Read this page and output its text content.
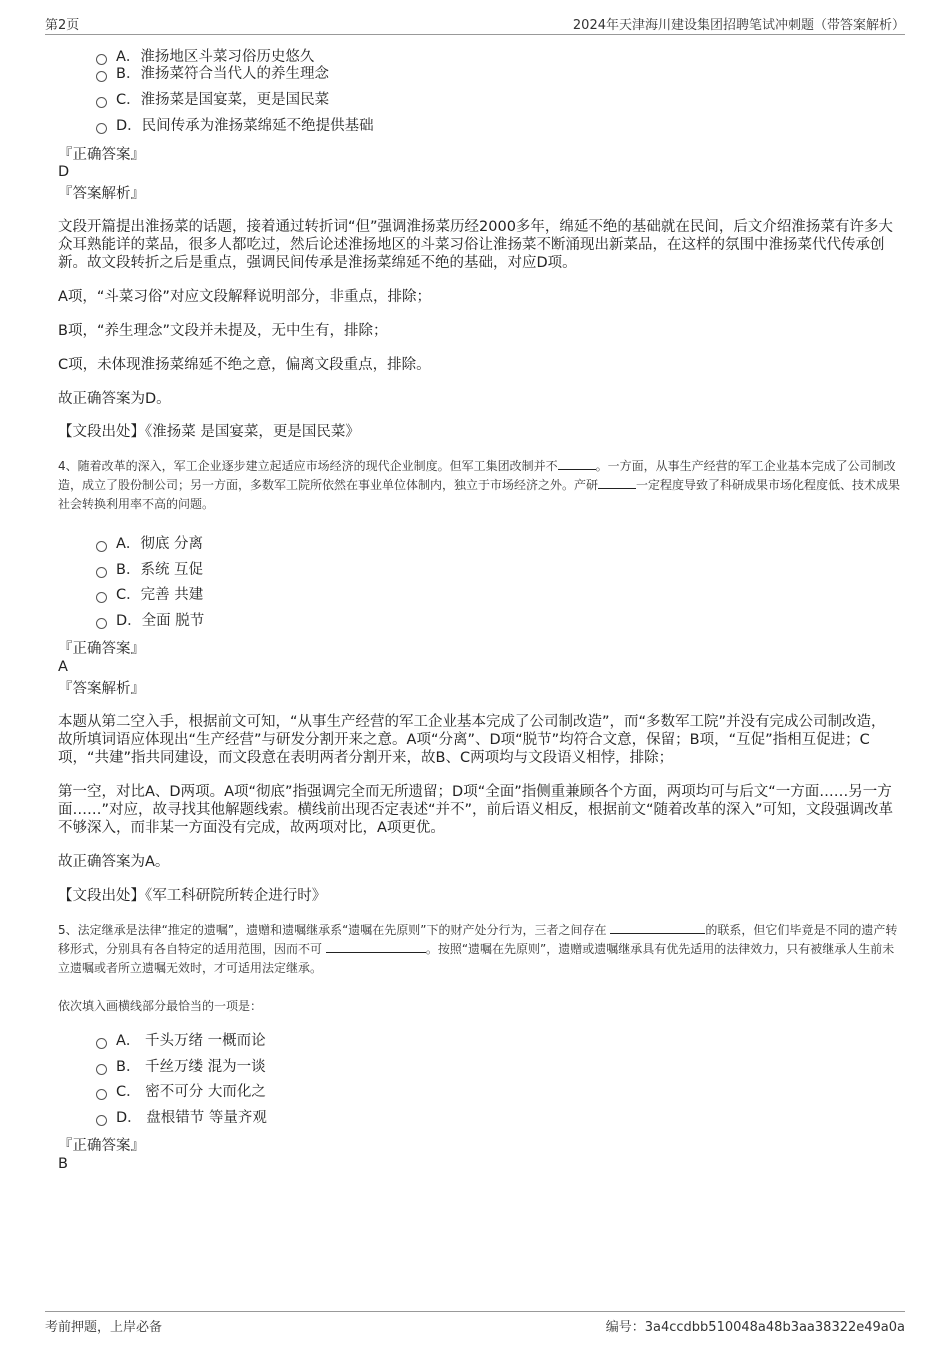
第2页	2024年天津海川建设集团招聘笔试冲刺题（带答案解析）
A．淮扬地区斗菜习俗历史悠久
B．淮扬菜符合当代人的养生理念
C．淮扬菜是国宴菜，更是国民菜
D．民间传承为淮扬菜绵延不绝提供基础
『正确答案』
D
『答案解析』
文段开篇提出淮扬菜的话题，接着通过转折词“但”强调淮扬菜历经2000多年，绵延不绝的基础就在民间，后文介绍淮扬菜有许多大众耳熟能详的菜品，很多人都吃过，然后论述淮扬地区的斗菜习俗让淮扬菜不断涌现出新菜品，在这样的氛围中淮扬菜代代传承创新。故文段转折之后是重点，强调民间传承是淮扬菜绵延不绝的基础，对应D项。
A项，“斗菜习俗”对应文段解释说明部分，非重点，排除；
B项，“养生理念”文段并未提及，无中生有，排除；
C项，未体现淮扬菜绵延不绝之意，偏离文段重点，排除。
故正确答案为D。
【文段出处】《淮扬菜 是国宴菜，更是国民菜》
4、随着改革的深入，军工企业逐步建立起适应市场经济的现代企业制度。但军工集团改制并不	。一方面，从事生产经营的军工企业基本完成了公司制改造，成立了股份制公司；另一方面，多数军工院所依然在事业单位体制内，独立于市场经济之外。产研	一定程度导致了科研成果市场化程度低、技术成果社会转换利用率不高的问题。
A．彻底 分离
B．系统 互促
C．完善 共建
D．全面 脱节
『正确答案』
A
『答案解析』
本题从第二空入手，根据前文可知，“从事生产经营的军工企业基本完成了公司制改造”，而“多数军工院”并没有完成公司制改造，故所填词语应体现出“生产经营”与研发分割开来之意。A项“分离”、D项“脱节”均符合文意，保留；B项，“互促”指相互促进；C项，“共建”指共同建设，而文段意在表明两者分割开来，故B、C两项均与文段语义相悖，排除；
第一空，对比A、D两项。A项“彻底”指强调完全而无所遗留；D项“全面”指侧重兼顾各个方面，两项均可与后文“一方面……另一方面……”对应，故寻找其他解题线索。横线前出现否定表述“并不”，前后语义相反，根据前文“随着改革的深入”可知，文段强调改革不够深入，而非某一方面没有完成，故两项对比，A项更优。
故正确答案为A。
【文段出处】《军工科研院所转企进行时》
5、法定继承是法律“推定的遗嘱”，遗赠和遗嘱继承系“遗嘱在先原则”下的财产处分行为，三者之间存在	的联系，但它们毕竟是不同的遗产转移形式，分别具有各自特定的适用范围，因而不可	。按照“遗嘱在先原则”，遗赠或遗嘱继承具有优先适用的法律效力，只有被继承人生前未立遗嘱或者所立遗嘱无效时，才可适用法定继承。
依次填入画横线部分最恰当的一项是：
A． 千头万绪 一概而论
B． 千丝万缕 混为一谈
C． 密不可分 大而化之
D． 盘根错节 等量齐观
『正确答案』
B
考前押题，上岸必备	编号：3a4ccdbb510048a48b3aa38322e49a0a
